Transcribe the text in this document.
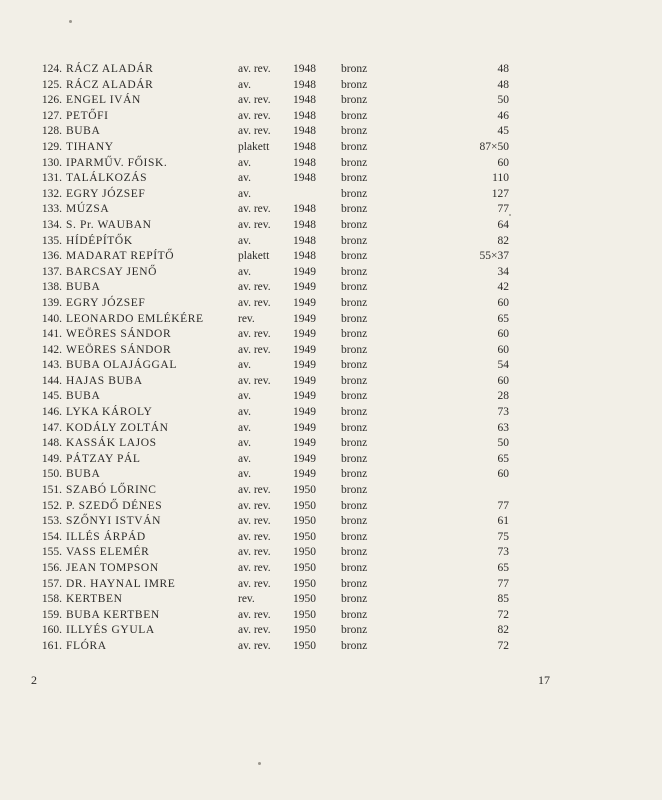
124.	RÁCZ ALADÁR	av. rev.	1948	bronz	48
125.	RÁCZ ALADÁR	av.	1948	bronz	48
126.	ENGEL IVÁN	av. rev.	1948	bronz	50
127.	PETŐFI	av. rev.	1948	bronz	46
128.	BUBA	av. rev.	1948	bronz	45
129.	TIHANY	plakett	1948	bronz	87×50
130.	IPARMŰV. FŐISK.	av.	1948	bronz	60
131.	TALÁLKOZÁS	av.	1948	bronz	110
132.	EGRY JÓZSEF	av.		bronz	127
133.	MÚZSA	av. rev.	1948	bronz	77
134.	S. Pr. WAUBAN	av. rev.	1948	bronz	64
135.	HÍDÉPÍTŐK	av.	1948	bronz	82
136.	MADARAT REPÍTŐ	plakett	1948	bronz	55×37
137.	BARCSAY JENŐ	av.	1949	bronz	34
138.	BUBA	av. rev.	1949	bronz	42
139.	EGRY JÓZSEF	av. rev.	1949	bronz	60
140.	LEONARDO EMLÉKÉRE	rev.	1949	bronz	65
141.	WEÖRES SÁNDOR	av. rev.	1949	bronz	60
142.	WEÖRES SÁNDOR	av. rev.	1949	bronz	60
143.	BUBA OLAJÁGGAL	av.	1949	bronz	54
144.	HAJAS BUBA	av. rev.	1949	bronz	60
145.	BUBA	av.	1949	bronz	28
146.	LYKA KÁROLY	av.	1949	bronz	73
147.	KODÁLY ZOLTÁN	av.	1949	bronz	63
148.	KASSÁK LAJOS	av.	1949	bronz	50
149.	PÁTZAY PÁL	av.	1949	bronz	65
150.	BUBA	av.	1949	bronz	60
151.	SZABÓ LŐRINC	av. rev.	1950	bronz	
152.	P. SZEDŐ DÉNES	av. rev.	1950	bronz	77
153.	SZŐNYI ISTVÁN	av. rev.	1950	bronz	61
154.	ILLÉS ÁRPÁD	av. rev.	1950	bronz	75
155.	VASS ELEMÉR	av. rev.	1950	bronz	73
156.	JEAN TOMPSON	av. rev.	1950	bronz	65
157.	DR. HAYNAL IMRE	av. rev.	1950	bronz	77
158.	KERTBEN	rev.	1950	bronz	85
159.	BUBA KERTBEN	av. rev.	1950	bronz	72
160.	ILLYÉS GYULA	av. rev.	1950	bronz	82
161.	FLÓRA	av. rev.	1950	bronz	72
2	17
